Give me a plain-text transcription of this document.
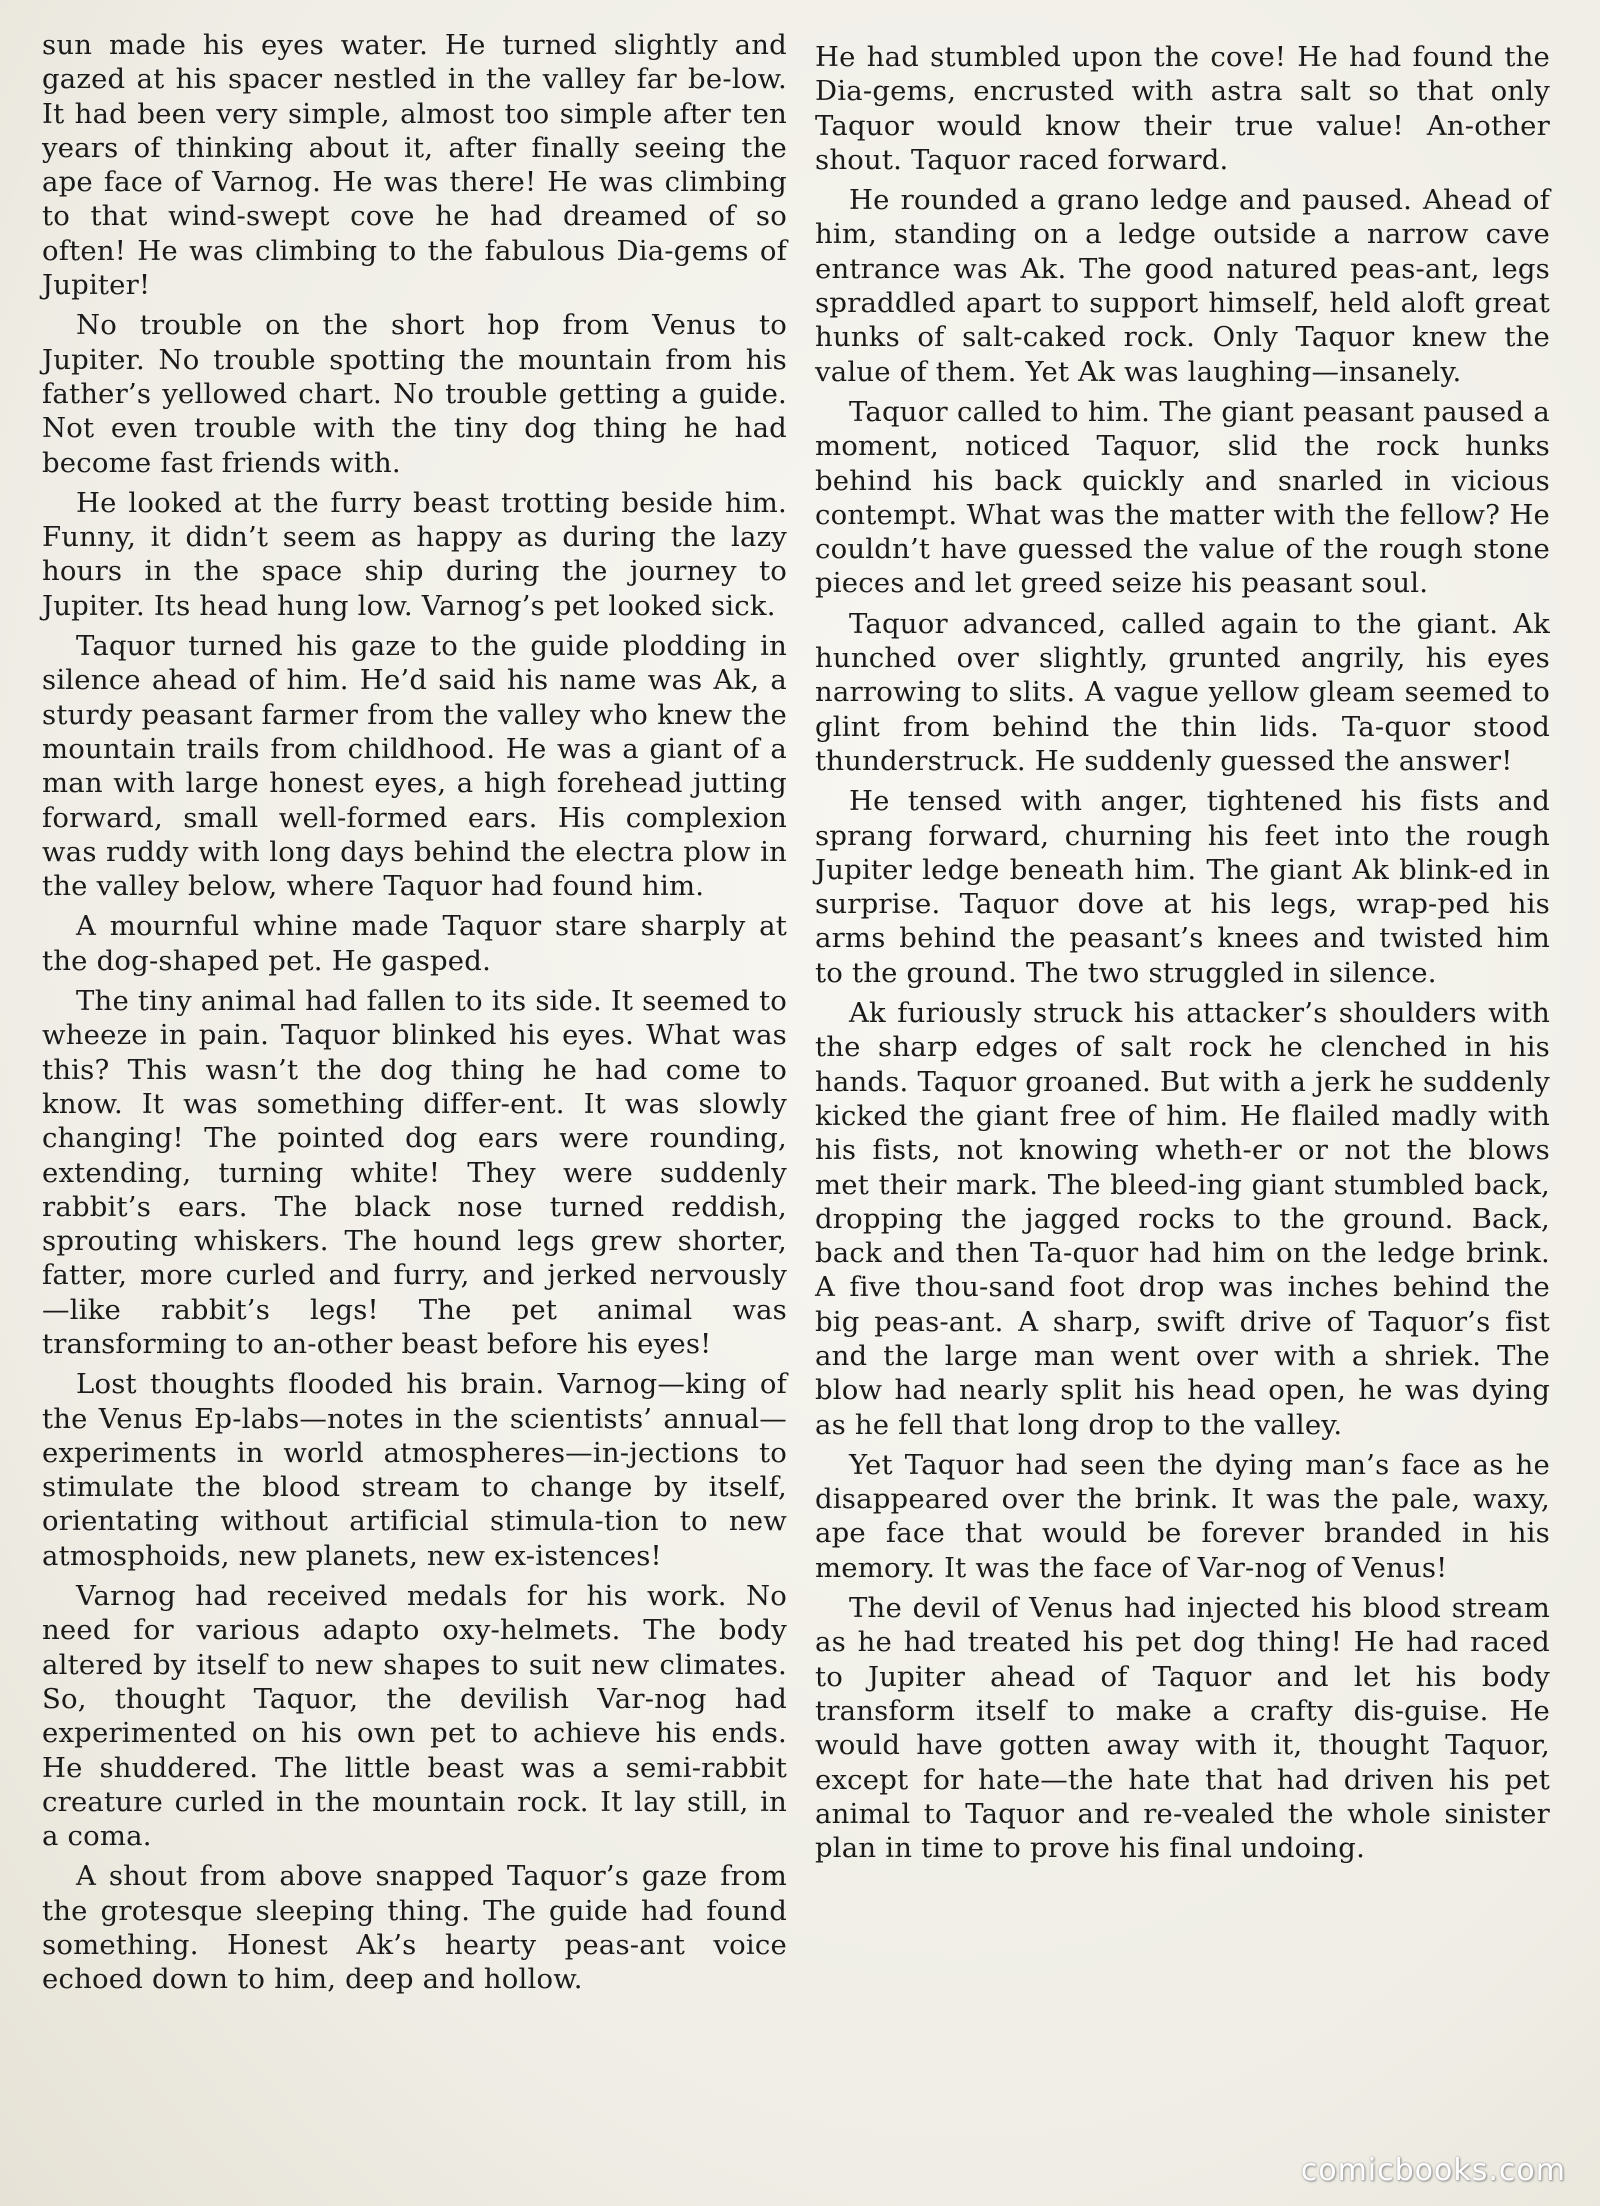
sun made his eyes water. He turned slightly and gazed at his spacer nestled in the valley far be-low. It had been very simple, almost too simple after ten years of thinking about it, after finally seeing the ape face of Varnog. He was there! He was climbing to that wind-swept cove he had dreamed of so often! He was climbing to the fabulous Dia-gems of Jupiter!

No trouble on the short hop from Venus to Jupiter. No trouble spotting the mountain from his father’s yellowed chart. No trouble getting a guide. Not even trouble with the tiny dog thing he had become fast friends with.

He looked at the furry beast trotting beside him. Funny, it didn’t seem as happy as during the lazy hours in the space ship during the journey to Jupiter. Its head hung low. Varnog’s pet looked sick.

Taquor turned his gaze to the guide plodding in silence ahead of him. He’d said his name was Ak, a sturdy peasant farmer from the valley who knew the mountain trails from childhood. He was a giant of a man with large honest eyes, a high forehead jutting forward, small well-formed ears. His complexion was ruddy with long days behind the electra plow in the valley below, where Taquor had found him.

A mournful whine made Taquor stare sharply at the dog-shaped pet. He gasped.

The tiny animal had fallen to its side. It seemed to wheeze in pain. Taquor blinked his eyes. What was this? This wasn’t the dog thing he had come to know. It was something differ-ent. It was slowly changing! The pointed dog ears were rounding, extending, turning white! They were suddenly rabbit’s ears. The black nose turned reddish, sprouting whiskers. The hound legs grew shorter, fatter, more curled and furry, and jerked nervously—like rabbit’s legs! The pet animal was transforming to an-other beast before his eyes!

Lost thoughts flooded his brain. Varnog—king of the Venus Ep-labs—notes in the scientists’ annual—experiments in world atmospheres—in-jections to stimulate the blood stream to change by itself, orientating without artificial stimula-tion to new atmosphoids, new planets, new ex-istences!

Varnog had received medals for his work. No need for various adapto oxy-helmets. The body altered by itself to new shapes to suit new climates. So, thought Taquor, the devilish Var-nog had experimented on his own pet to achieve his ends. He shuddered. The little beast was a semi-rabbit creature curled in the mountain rock. It lay still, in a coma.

A shout from above snapped Taquor’s gaze from the grotesque sleeping thing. The guide had found something. Honest Ak’s hearty peas-ant voice echoed down to him, deep and hollow.

He had stumbled upon the cove! He had found the Dia-gems, encrusted with astra salt so that only Taquor would know their true value! An-other shout. Taquor raced forward.

He rounded a grano ledge and paused. Ahead of him, standing on a ledge outside a narrow cave entrance was Ak. The good natured peas-ant, legs spraddled apart to support himself, held aloft great hunks of salt-caked rock. Only Taquor knew the value of them. Yet Ak was laughing—insanely.

Taquor called to him. The giant peasant paused a moment, noticed Taquor, slid the rock hunks behind his back quickly and snarled in vicious contempt. What was the matter with the fellow? He couldn’t have guessed the value of the rough stone pieces and let greed seize his peasant soul.

Taquor advanced, called again to the giant. Ak hunched over slightly, grunted angrily, his eyes narrowing to slits. A vague yellow gleam seemed to glint from behind the thin lids. Ta-quor stood thunderstruck. He suddenly guessed the answer!

He tensed with anger, tightened his fists and sprang forward, churning his feet into the rough Jupiter ledge beneath him. The giant Ak blink-ed in surprise. Taquor dove at his legs, wrap-ped his arms behind the peasant’s knees and twisted him to the ground. The two struggled in silence.

Ak furiously struck his attacker’s shoulders with the sharp edges of salt rock he clenched in his hands. Taquor groaned. But with a jerk he suddenly kicked the giant free of him. He flailed madly with his fists, not knowing wheth-er or not the blows met their mark. The bleed-ing giant stumbled back, dropping the jagged rocks to the ground. Back, back and then Ta-quor had him on the ledge brink. A five thou-sand foot drop was inches behind the big peas-ant. A sharp, swift drive of Taquor’s fist and the large man went over with a shriek. The blow had nearly split his head open, he was dying as he fell that long drop to the valley.

Yet Taquor had seen the dying man’s face as he disappeared over the brink. It was the pale, waxy, ape face that would be forever branded in his memory. It was the face of Var-nog of Venus!

The devil of Venus had injected his blood stream as he had treated his pet dog thing! He had raced to Jupiter ahead of Taquor and let his body transform itself to make a crafty dis-guise. He would have gotten away with it, thought Taquor, except for hate—the hate that had driven his pet animal to Taquor and re-vealed the whole sinister plan in time to prove his final undoing.

comicbooks.com
